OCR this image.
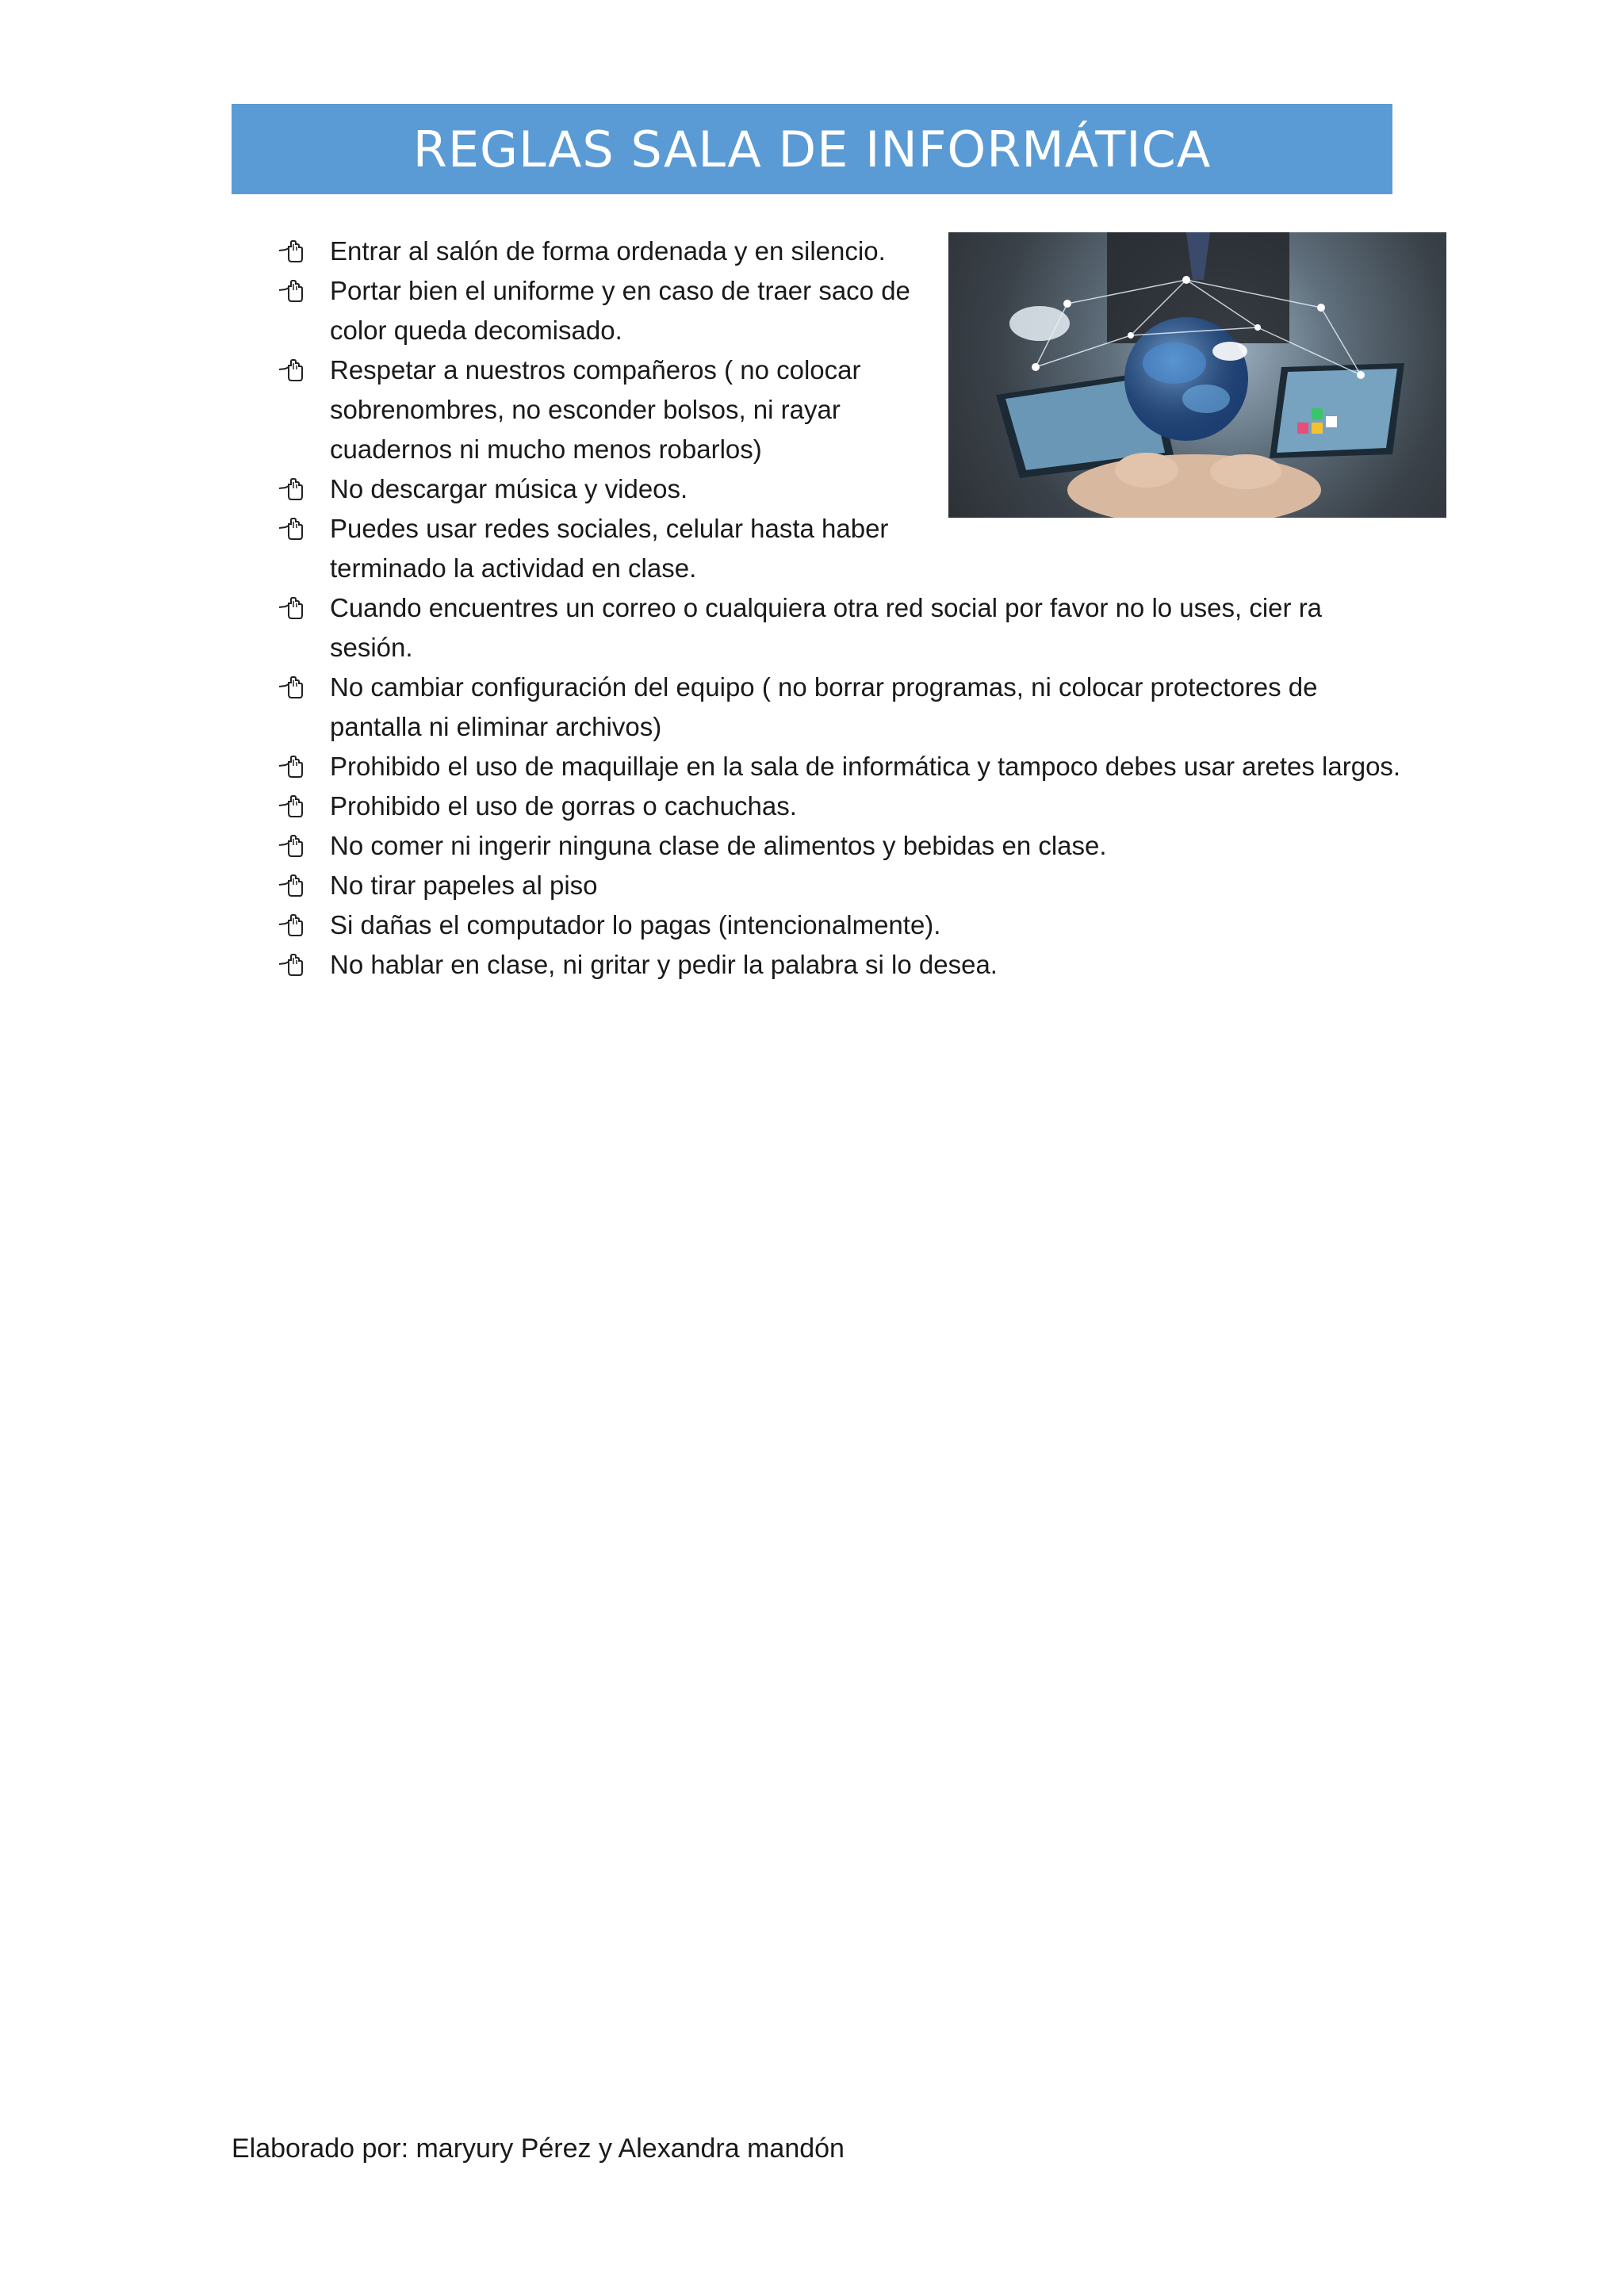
REGLAS SALA DE INFORMÁTICA
Entrar al salón de forma ordenada y en silencio.
Portar bien el uniforme y en caso de traer saco de color queda decomisado.
Respetar a nuestros compañeros ( no colocar sobrenombres, no esconder bolsos, ni rayar cuadernos ni mucho menos robarlos)
No descargar música y videos.
Puedes usar redes sociales, celular hasta haber terminado la actividad en clase.
Cuando encuentres un correo o cualquiera otra red social por favor no lo uses, cier ra sesión.
No cambiar configuración del equipo ( no borrar programas, ni colocar protectores de pantalla ni eliminar archivos)
Prohibido el uso de maquillaje en la sala de informática y tampoco debes usar aretes largos.
Prohibido el uso de gorras o cachuchas.
No comer ni ingerir ninguna clase de alimentos y bebidas en clase.
No tirar papeles al piso
Si dañas el computador lo pagas (intencionalmente).
No hablar en clase, ni gritar y pedir la palabra si lo desea.
Elaborado por: maryury Pérez y Alexandra mandón
